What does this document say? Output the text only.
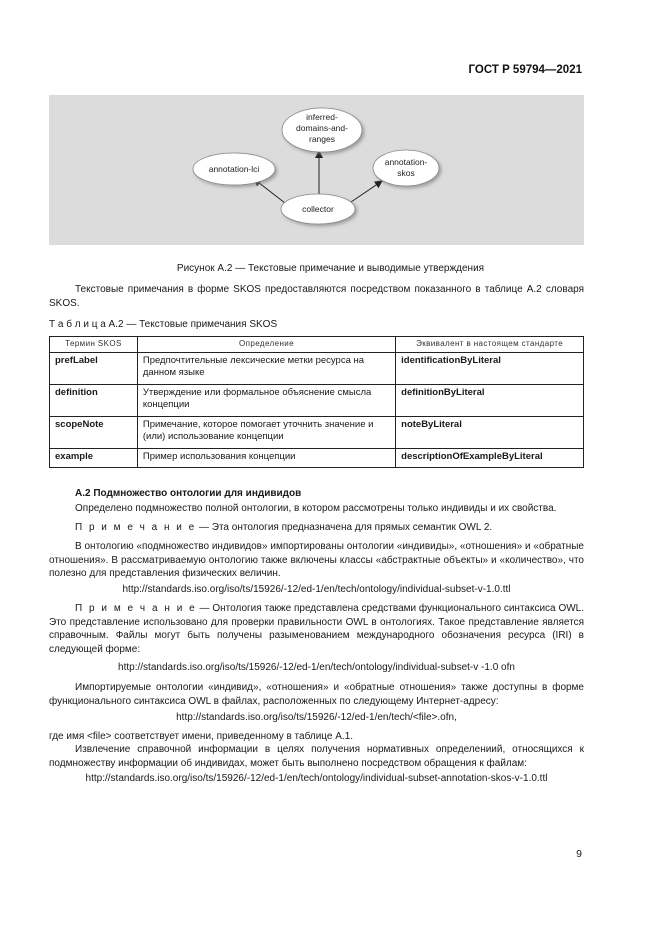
ГОСТ Р 59794—2021
inferred-
domains-and-
ranges
annotation-lci
annotation-
skos
collector
Рисунок А.2 — Текстовые примечание и выводимые утверждения

Текстовые примечания в форме SKOS предоставляются посредством показанного в таблице А.2 словаря SKOS.

Т а б л и ц а А.2 — Текстовые примечания SKOS
Термин SKOS	Определение	Эквивалент в настоящем стандарте
prefLabel	Предпочтительные лексические метки ресурса на данном языке	identificationByLiteral
definition	Утверждение или формальное объяснение смысла концепции	definitionByLiteral
scopeNote	Примечание, которое помогает уточнить значение и (или) использование концепции	noteByLiteral
example	Пример использования концепции	descriptionOfExampleByLiteral

А.2 Подмножество онтологии для индивидов

Определено подмножество полной онтологии, в котором рассмотрены только индивиды и их свойства.

П р и м е ч а н и е — Эта онтология предназначена для прямых семантик OWL 2.

В онтологию «подмножество индивидов» импортированы онтологии «индивиды», «отношения» и «обратные отношения». В рассматриваемую онтологию также включены классы «абстрактные объекты» и «количество», что полезно для представления физических величин.

http://standards.iso.org/iso/ts/15926/-12/ed-1/en/tech/ontology/individual-subset-v-1.0.ttl

П р и м е ч а н и е — Онтология также представлена средствами функционального синтаксиса OWL. Это представление использовано для проверки правильности OWL в онтологиях. Такое представление является справочным. Файлы могут быть получены разыменованием международного обозначения ресурса (IRI) в следующей форме:

http://standards.iso.org/iso/ts/15926/-12/ed-1/en/tech/ontology/individual-subset-v -1.0 ofn

Импортируемые онтологии «индивид», «отношения» и «обратные отношения» также доступны в форме функционального синтаксиса OWL в файлах, расположенных по следующему Интернет-адресу:

http://standards.iso.org/iso/ts/15926/-12/ed-1/en/tech/<file>.ofn,

где имя <file> соответствует имени, приведенному в таблице А.1.

Извлечение справочной информации в целях получения нормативных определениий, относящихся к подмножеству информации об индивидах, может быть выполнено посредством обращения к файлам:

http://standards.iso.org/iso/ts/15926/-12/ed-1/en/tech/ontology/individual-subset-annotation-skos-v-1.0.ttl

9
